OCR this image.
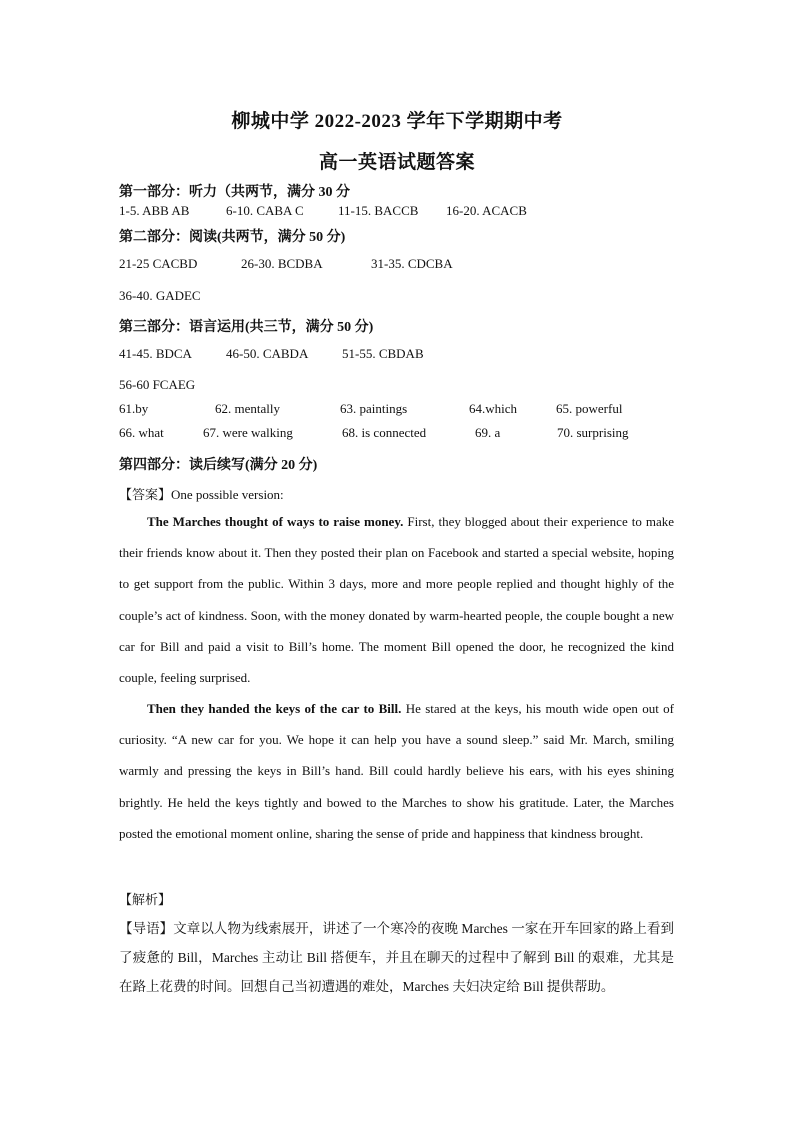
柳城中学 2022-2023 学年下学期期中考
高一英语试题答案
第一部分：听力（共两节，满分 30 分
1-5. ABB AB	6-10. CABA C	11-15. BACCB 16-20. ACACB
第二部分：阅读(共两节，满分 50 分)
21-25 CACBD	26-30. BCDBA	31-35. CDCBA
36-40. GADEC
第三部分：语言运用(共三节，满分 50 分)
41-45. BDCA	46-50. CABDA	51-55. CBDAB
56-60 FCAEG
61.by	62. mentally	63. paintings	64.which	65. powerful
66. what	67. were walking	68. is connected	69. a	70. surprising
第四部分：读后续写(满分 20 分)
【答案】One possible version:
The Marches thought of ways to raise money. First, they blogged about their experience to make their friends know about it. Then they posted their plan on Facebook and started a special website, hoping to get support from the public. Within 3 days, more and more people replied and thought highly of the couple’s act of kindness. Soon, with the money donated by warm-hearted people, the couple bought a new car for Bill and paid a visit to Bill’s home. The moment Bill opened the door, he recognized the kind couple, feeling surprised.
Then they handed the keys of the car to Bill. He stared at the keys, his mouth wide open out of curiosity. “A new car for you. We hope it can help you have a sound sleep.” said Mr. March, smiling warmly and pressing the keys in Bill’s hand. Bill could hardly believe his ears, with his eyes shining brightly. He held the keys tightly and bowed to the Marches to show his gratitude. Later, the Marches posted the emotional moment online, sharing the sense of pride and happiness that kindness brought.
【解析】
【导语】文章以人物为线索展开，讲述了一个寒冷的夜晚 Marches 一家在开车回家的路上看到了疲惫的 Bill，Marches 主动让 Bill 搭便车，并且在聊天的过程中了解到 Bill 的艰难，尤其是在路上花费的时间。回想自己当初遭遇的难处，Marches 夫妇决定给 Bill 提供帮助。
